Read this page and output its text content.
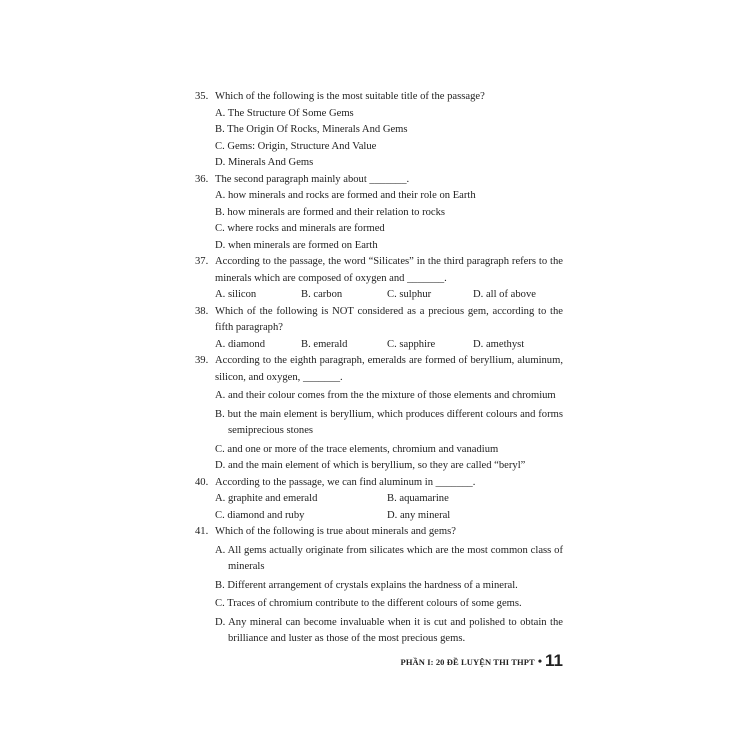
35. Which of the following is the most suitable title of the passage?
A. The Structure Of Some Gems
B. The Origin Of Rocks, Minerals And Gems
C. Gems: Origin, Structure And Value
D. Minerals And Gems
36. The second paragraph mainly about _______.
A. how minerals and rocks are formed and their role on Earth
B. how minerals are formed and their relation to rocks
C. where rocks and minerals are formed
D. when minerals are formed on Earth
37. According to the passage, the word “Silicates” in the third paragraph refers to the minerals which are composed of oxygen and _______.
A. silicon	B. carbon	C. sulphur	D. all of above
38. Which of the following is NOT considered as a precious gem, according to the fifth paragraph?
A. diamond	B. emerald	C. sapphire	D. amethyst
39. According to the eighth paragraph, emeralds are formed of beryllium, aluminum, silicon, and oxygen, _______.
A. and their colour comes from the the mixture of those elements and chromium
B. but the main element is beryllium, which produces different colours and forms semiprecious stones
C. and one or more of the trace elements, chromium and vanadium
D. and the main element of which is beryllium, so they are called “beryl”
40. According to the passage, we can find aluminum in _______.
A. graphite and emerald	B. aquamarine
C. diamond and ruby	D. any mineral
41. Which of the following is true about minerals and gems?
A. All gems actually originate from silicates which are the most common class of minerals
B. Different arrangement of crystals explains the hardness of a mineral.
C. Traces of chromium contribute to the different colours of some gems.
D. Any mineral can become invaluable when it is cut and polished to obtain the brilliance and luster as those of the most precious gems.
PHẦN I: 20 ĐỀ LUYỆN THI THPT • 11
